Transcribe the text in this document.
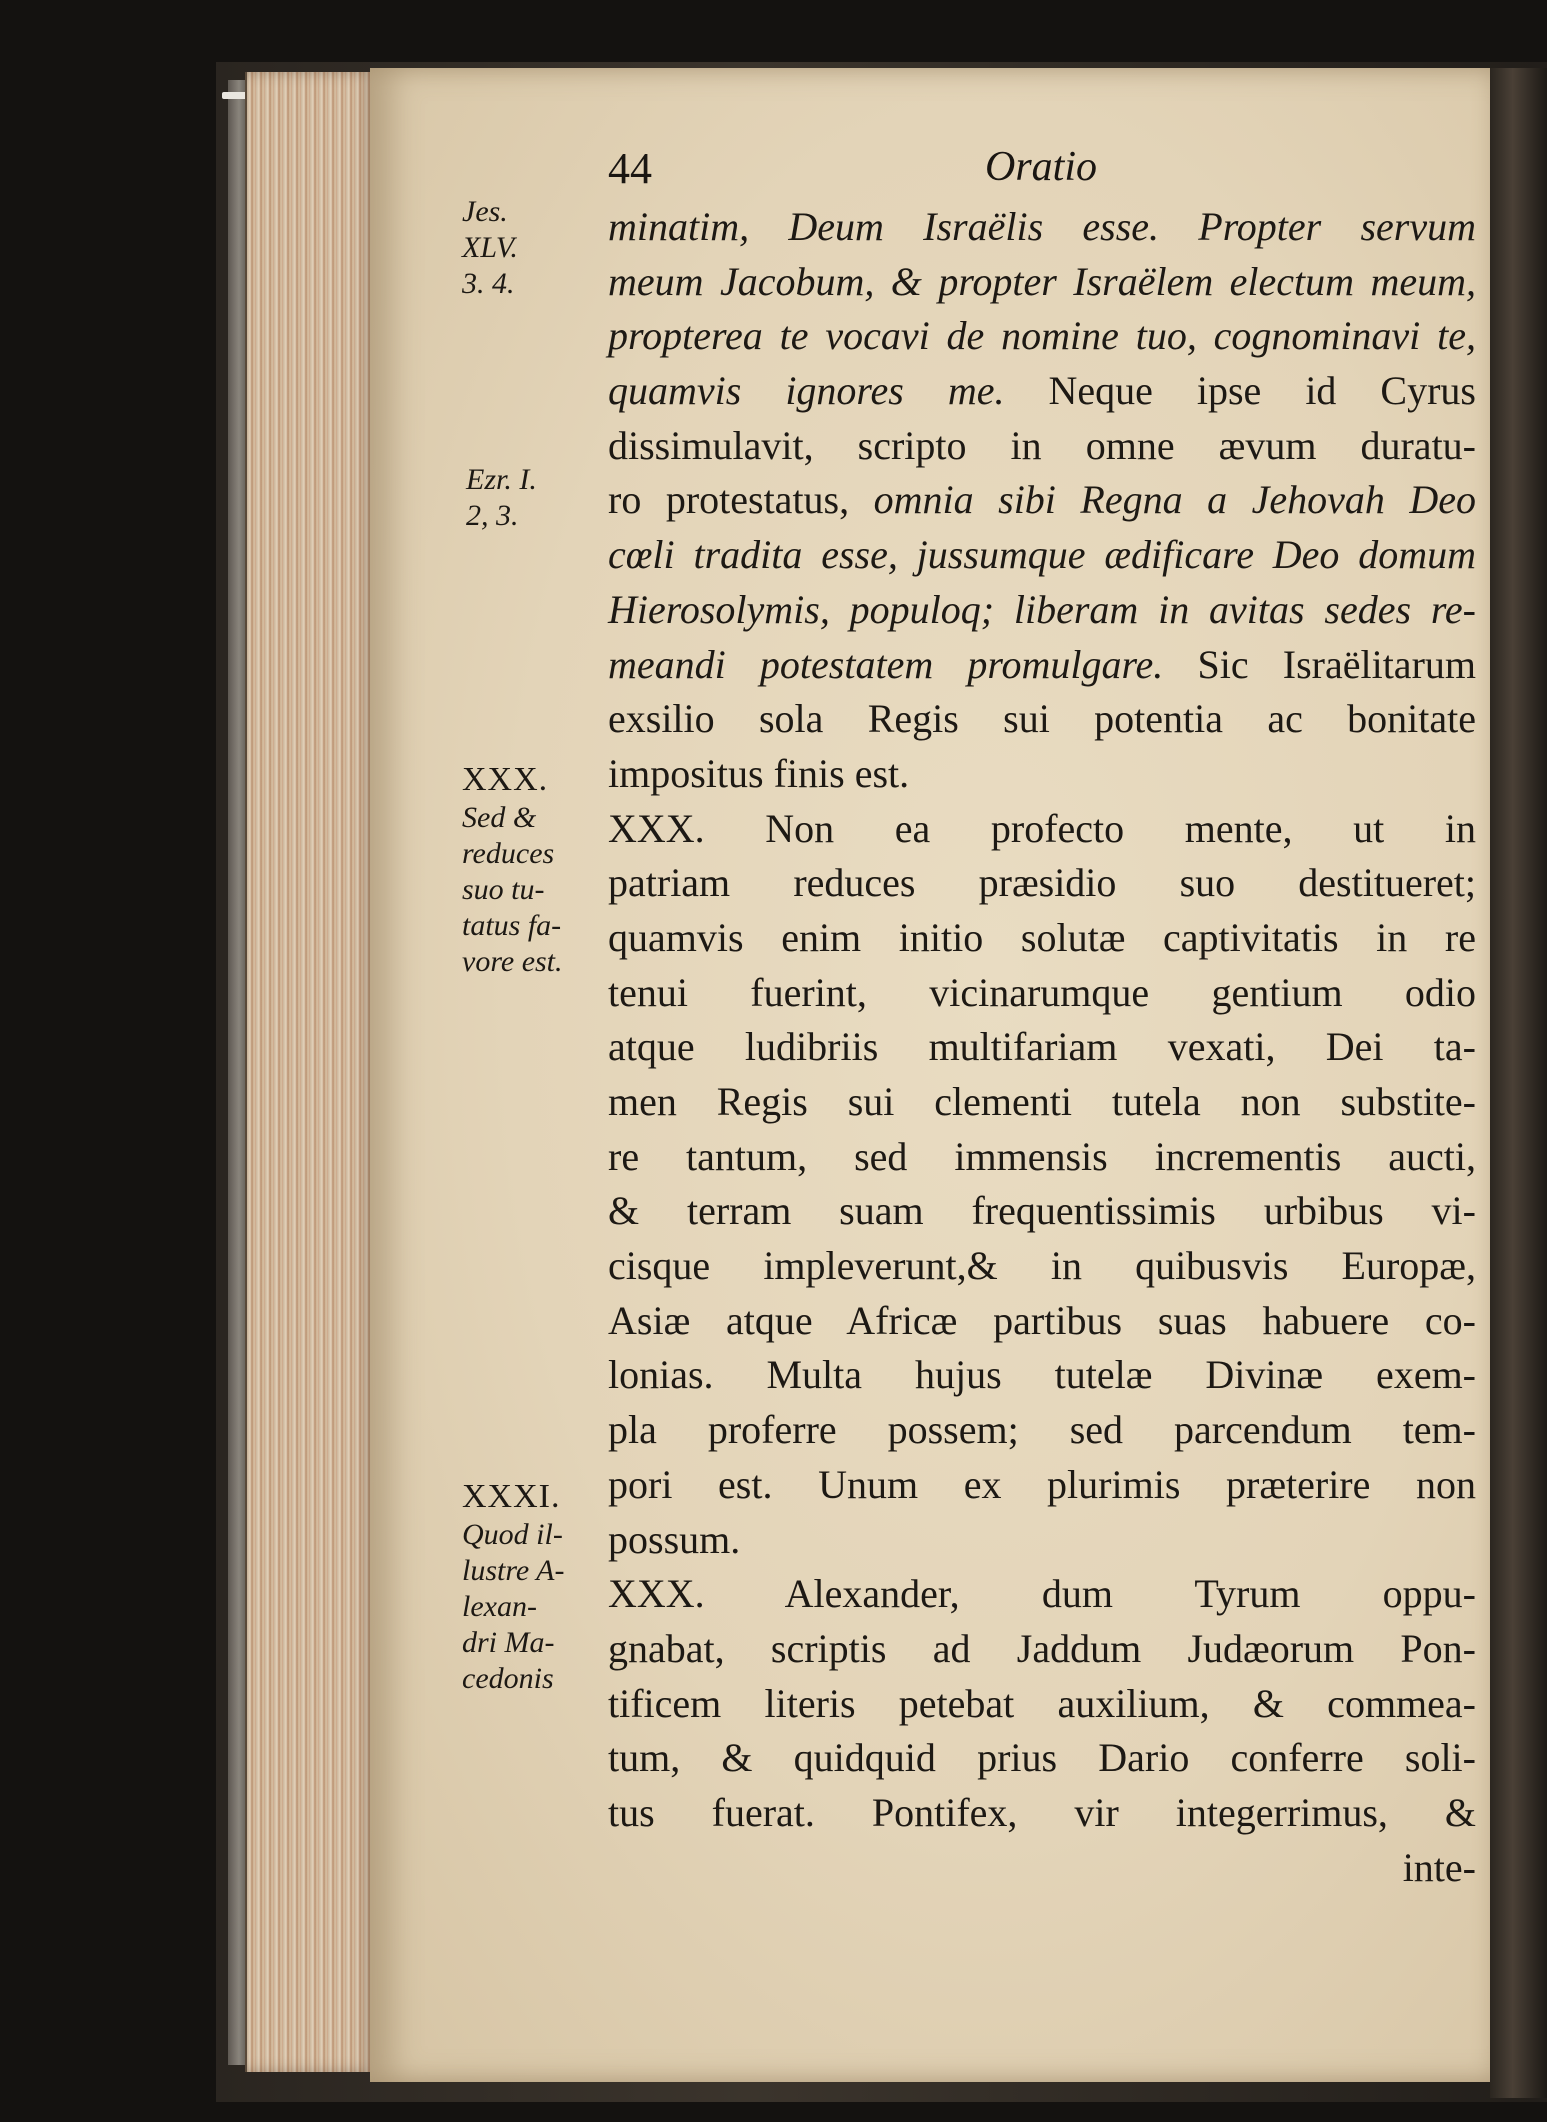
44	Oratio
minatim, Deum Israëlis esse. Propter servum
meum Jacobum, & propter Israëlem electum meum,
propterea te vocavi de nomine tuo, cognominavi te,
quamvis ignores me. Neque ipse id Cyrus
dissimulavit, scripto in omne ævum duratu-
ro protestatus, omnia sibi Regna a Jehovah Deo
cœli tradita esse, jussumque ædificare Deo domum
Hierosolymis, populoq; liberam in avitas sedes re-
meandi potestatem promulgare. Sic Israëlitarum
exsilio sola Regis sui potentia ac bonitate
impositus finis est.
XXX. Non ea profecto mente, ut in
patriam reduces præsidio suo destitueret;
quamvis enim initio solutæ captivitatis in re
tenui fuerint, vicinarumque gentium odio
atque ludibriis multifariam vexati, Dei ta-
men Regis sui clementi tutela non substite-
re tantum, sed immensis incrementis aucti,
& terram suam frequentissimis urbibus vi-
cisque impleverunt,& in quibusvis Europæ,
Asiæ atque Africæ partibus suas habuere co-
lonias. Multa hujus tutelæ Divinæ exem-
pla proferre possem; sed parcendum tem-
pori est. Unum ex plurimis præterire non
possum.
XXX. Alexander, dum Tyrum oppu-
gnabat, scriptis ad Jaddum Judæorum Pon-
tificem literis petebat auxilium, & commea-
tum, & quidquid prius Dario conferre soli-
tus fuerat. Pontifex, vir integerrimus, &
inte-
Jes.
XLV.
3. 4.
Ezr. I.
2, 3.
XXX.
Sed &
reduces
suo tu-
tatus fa-
vore est.
XXXI.
Quod il-
lustre A-
lexan-
dri Ma-
cedonis
